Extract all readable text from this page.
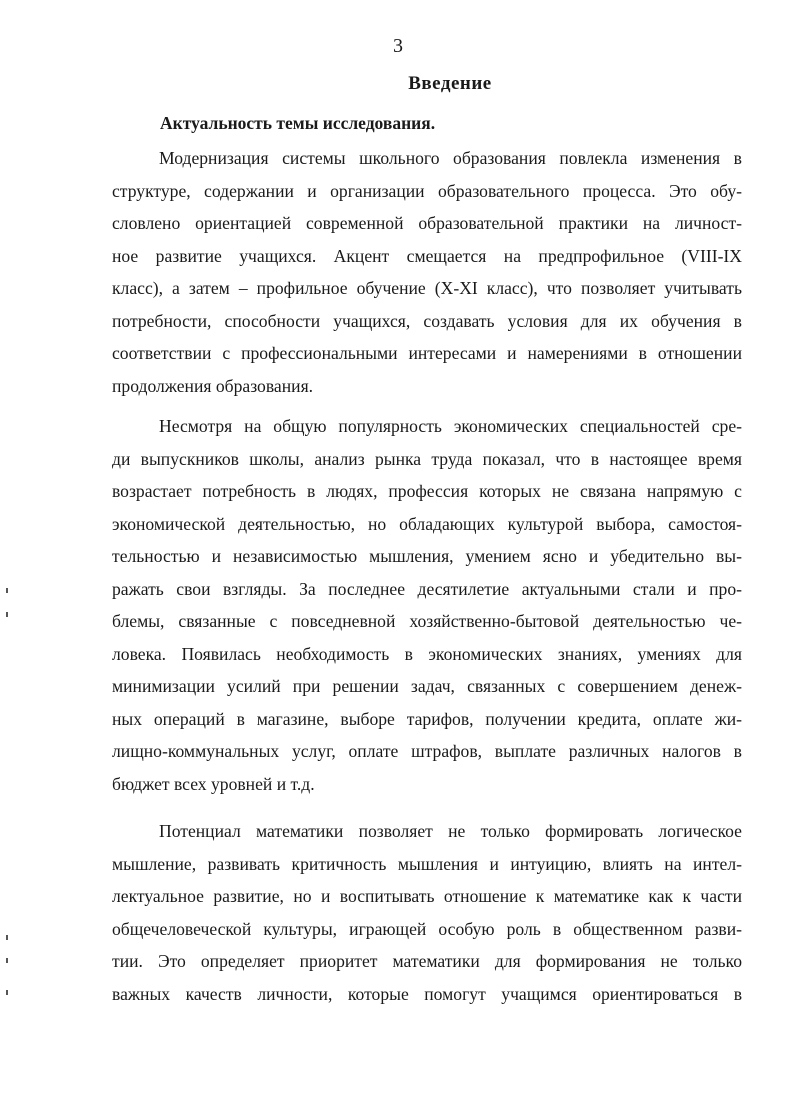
3
Введение
Актуальность темы исследования.
Модернизация системы школьного образования повлекла изменения в
структуре, содержании и организации образовательного процесса. Это обу-
словлено ориентацией современной образовательной практики на личност-
ное развитие учащихся. Акцент смещается на предпрофильное (VIII-IX
класс), а затем – профильное обучение (X-XI класс), что позволяет учитывать
потребности, способности учащихся, создавать условия для их обучения в
соответствии с профессиональными интересами и намерениями в отношении
продолжения образования.
Несмотря на общую популярность экономических специальностей сре-
ди выпускников школы, анализ рынка труда показал, что в настоящее время
возрастает потребность в людях, профессия которых не связана напрямую с
экономической деятельностью, но обладающих культурой выбора, самостоя-
тельностью и независимостью мышления, умением ясно и убедительно вы-
ражать свои взгляды. За последнее десятилетие актуальными стали и про-
блемы, связанные с повседневной хозяйственно-бытовой деятельностью че-
ловека. Появилась необходимость в экономических знаниях, умениях для
минимизации усилий при решении задач, связанных с совершением денеж-
ных операций в магазине, выборе тарифов, получении кредита, оплате жи-
лищно-коммунальных услуг, оплате штрафов, выплате различных налогов в
бюджет всех уровней и т.д.
Потенциал математики позволяет не только формировать логическое
мышление, развивать критичность мышления и интуицию, влиять на интел-
лектуальное развитие, но и воспитывать отношение к математике как к части
общечеловеческой культуры, играющей особую роль в общественном разви-
тии. Это определяет приоритет математики для формирования не только
важных качеств личности, которые помогут учащимся ориентироваться в
